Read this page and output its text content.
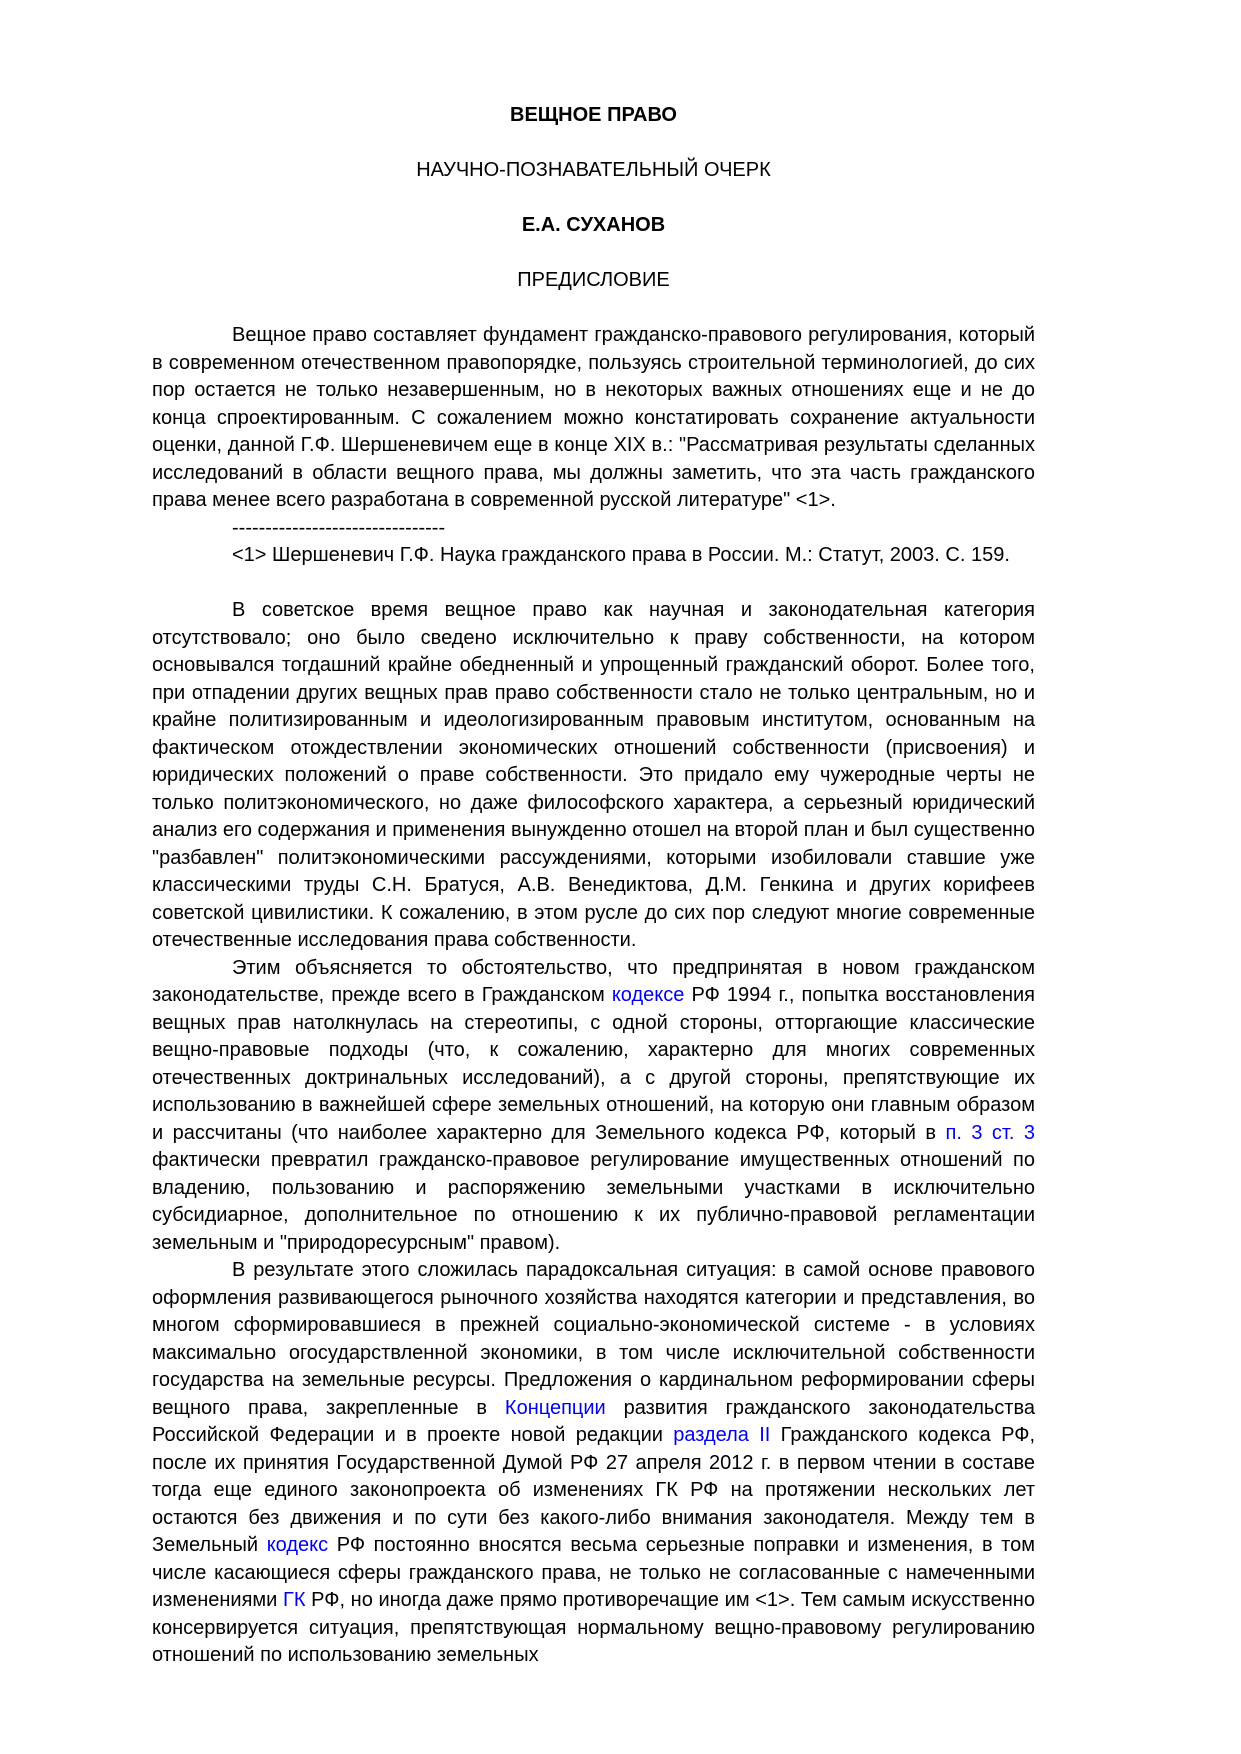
ВЕЩНОЕ ПРАВО

НАУЧНО-ПОЗНАВАТЕЛЬНЫЙ ОЧЕРК

Е.А. СУХАНОВ

ПРЕДИСЛОВИЕ

Вещное право составляет фундамент гражданско-правового регулирования, который в современном отечественном правопорядке, пользуясь строительной терминологией, до сих пор остается не только незавершенным, но в некоторых важных отношениях еще и не до конца спроектированным. С сожалением можно констатировать сохранение актуальности оценки, данной Г.Ф. Шершеневичем еще в конце XIX в.: "Рассматривая результаты сделанных исследований в области вещного права, мы должны заметить, что эта часть гражданского права менее всего разработана в современной русской литературе" <1>.

--------------------------------

<1> Шершеневич Г.Ф. Наука гражданского права в России. М.: Статут, 2003. С. 159.

В советское время вещное право как научная и законодательная категория отсутствовало; оно было сведено исключительно к праву собственности, на котором основывался тогдашний крайне обедненный и упрощенный гражданский оборот. Более того, при отпадении других вещных прав право собственности стало не только центральным, но и крайне политизированным и идеологизированным правовым институтом, основанным на фактическом отождествлении экономических отношений собственности (присвоения) и юридических положений о праве собственности. Это придало ему чужеродные черты не только политэкономического, но даже философского характера, а серьезный юридический анализ его содержания и применения вынужденно отошел на второй план и был существенно "разбавлен" политэкономическими рассуждениями, которыми изобиловали ставшие уже классическими труды С.Н. Братуся, А.В. Венедиктова, Д.М. Генкина и других корифеев советской цивилистики. К сожалению, в этом русле до сих пор следуют многие современные отечественные исследования права собственности.

Этим объясняется то обстоятельство, что предпринятая в новом гражданском законодательстве, прежде всего в Гражданском кодексе РФ 1994 г., попытка восстановления вещных прав натолкнулась на стереотипы, с одной стороны, отторгающие классические вещно-правовые подходы (что, к сожалению, характерно для многих современных отечественных доктринальных исследований), а с другой стороны, препятствующие их использованию в важнейшей сфере земельных отношений, на которую они главным образом и рассчитаны (что наиболее характерно для Земельного кодекса РФ, который в п. 3 ст. 3 фактически превратил гражданско-правовое регулирование имущественных отношений по владению, пользованию и распоряжению земельными участками в исключительно субсидиарное, дополнительное по отношению к их публично-правовой регламентации земельным и "природоресурсным" правом).

В результате этого сложилась парадоксальная ситуация: в самой основе правового оформления развивающегося рыночного хозяйства находятся категории и представления, во многом сформировавшиеся в прежней социально-экономической системе - в условиях максимально огосударствленной экономики, в том числе исключительной собственности государства на земельные ресурсы. Предложения о кардинальном реформировании сферы вещного права, закрепленные в Концепции развития гражданского законодательства Российской Федерации и в проекте новой редакции раздела II Гражданского кодекса РФ, после их принятия Государственной Думой РФ 27 апреля 2012 г. в первом чтении в составе тогда еще единого законопроекта об изменениях ГК РФ на протяжении нескольких лет остаются без движения и по сути без какого-либо внимания законодателя. Между тем в Земельный кодекс РФ постоянно вносятся весьма серьезные поправки и изменения, в том числе касающиеся сферы гражданского права, не только не согласованные с намеченными изменениями ГК РФ, но иногда даже прямо противоречащие им <1>. Тем самым искусственно консервируется ситуация, препятствующая нормальному вещно-правовому регулированию отношений по использованию земельных
